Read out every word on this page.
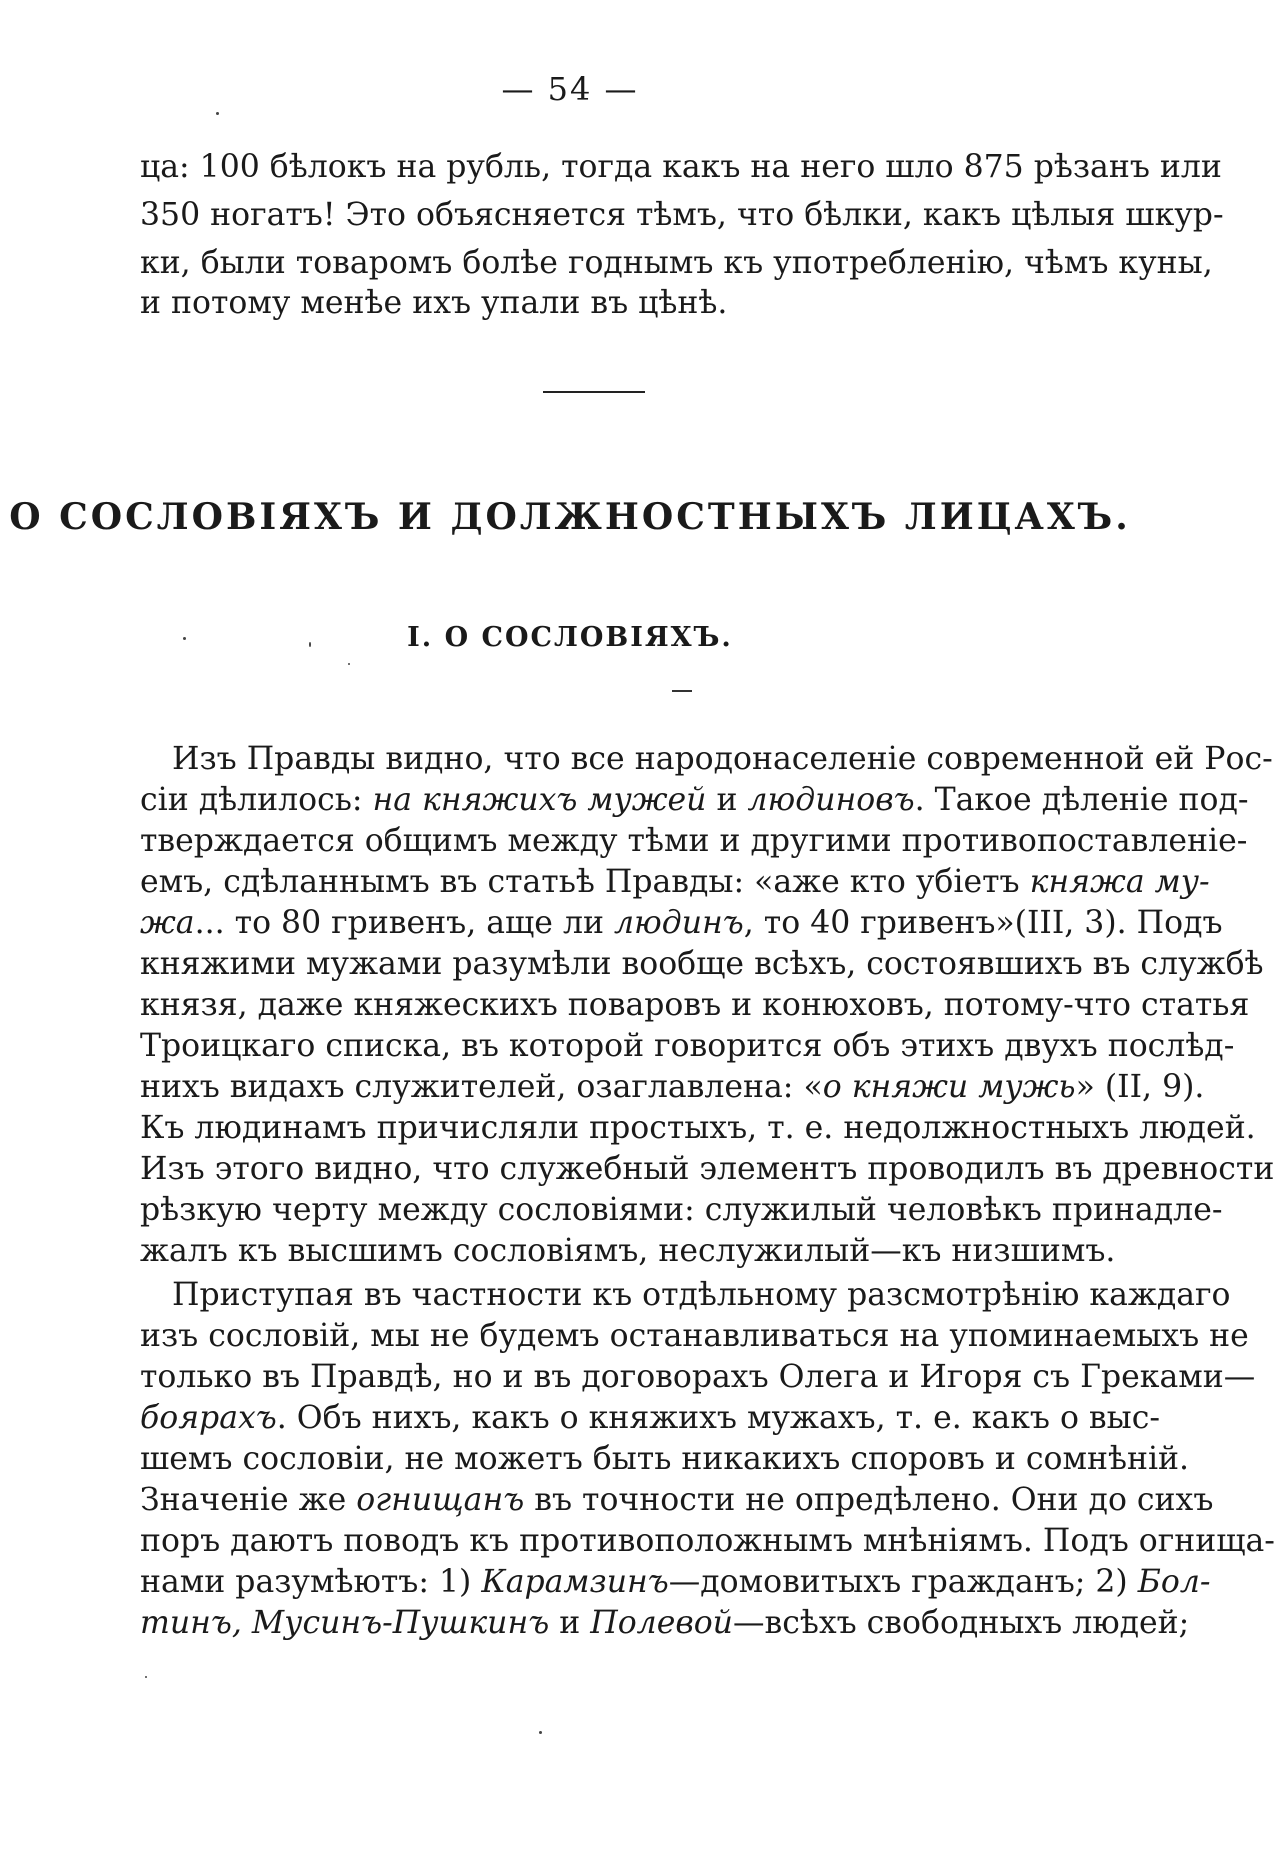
— 54 —
ца: 100 бѣлокъ на рубль, тогда какъ на него шло 875 рѣзанъ или
350 ногатъ! Это объясняется тѣмъ, что бѣлки, какъ цѣлыя шкур-
ки, были товаромъ болѣе годнымъ къ употребленію, чѣмъ куны,
и потому менѣе ихъ упали въ цѣнѣ.
О СОСЛОВІЯХЪ И ДОЛЖНОСТНЫХЪ ЛИЦАХЪ.
I. О СОСЛОВІЯХЪ.
Изъ Правды видно, что все народонаселеніе современной ей Рос-
сіи дѣлилось: на княжихъ мужей и людиновъ. Такое дѣленіе под-
тверждается общимъ между тѣми и другими противопоставленіе-
емъ, сдѣланнымъ въ статьѣ Правды: «аже кто убіетъ княжа му-
жа... то 80 гривенъ, аще ли людинъ, то 40 гривенъ»(III, 3). Подъ
княжими мужами разумѣли вообще всѣхъ, состоявшихъ въ службѣ
князя, даже княжескихъ поваровъ и конюховъ, потому-что статья
Троицкаго списка, въ которой говорится объ этихъ двухъ послѣд-
нихъ видахъ служителей, озаглавлена: «о княжи мужь» (II, 9).
Къ людинамъ причисляли простыхъ, т. е. недолжностныхъ людей.
Изъ этого видно, что служебный элементъ проводилъ въ древности
рѣзкую черту между сословіями: служилый человѣкъ принадле-
жалъ къ высшимъ сословіямъ, неслужилый—къ низшимъ.
Приступая въ частности къ отдѣльному разсмотрѣнію каждаго
изъ сословій, мы не будемъ останавливаться на упоминаемыхъ не
только въ Правдѣ, но и въ договорахъ Олега и Игоря съ Греками—
боярахъ. Объ нихъ, какъ о княжихъ мужахъ, т. е. какъ о выс-
шемъ сословіи, не можетъ быть никакихъ споровъ и сомнѣній.
Значеніе же огнищанъ въ точности не опредѣлено. Они до сихъ
поръ даютъ поводъ къ противоположнымъ мнѣніямъ. Подъ огнища-
нами разумѣютъ: 1) Карамзинъ—домовитыхъ гражданъ; 2) Бол-
тинъ, Мусинъ-Пушкинъ и Полевой—всѣхъ свободныхъ людей;
